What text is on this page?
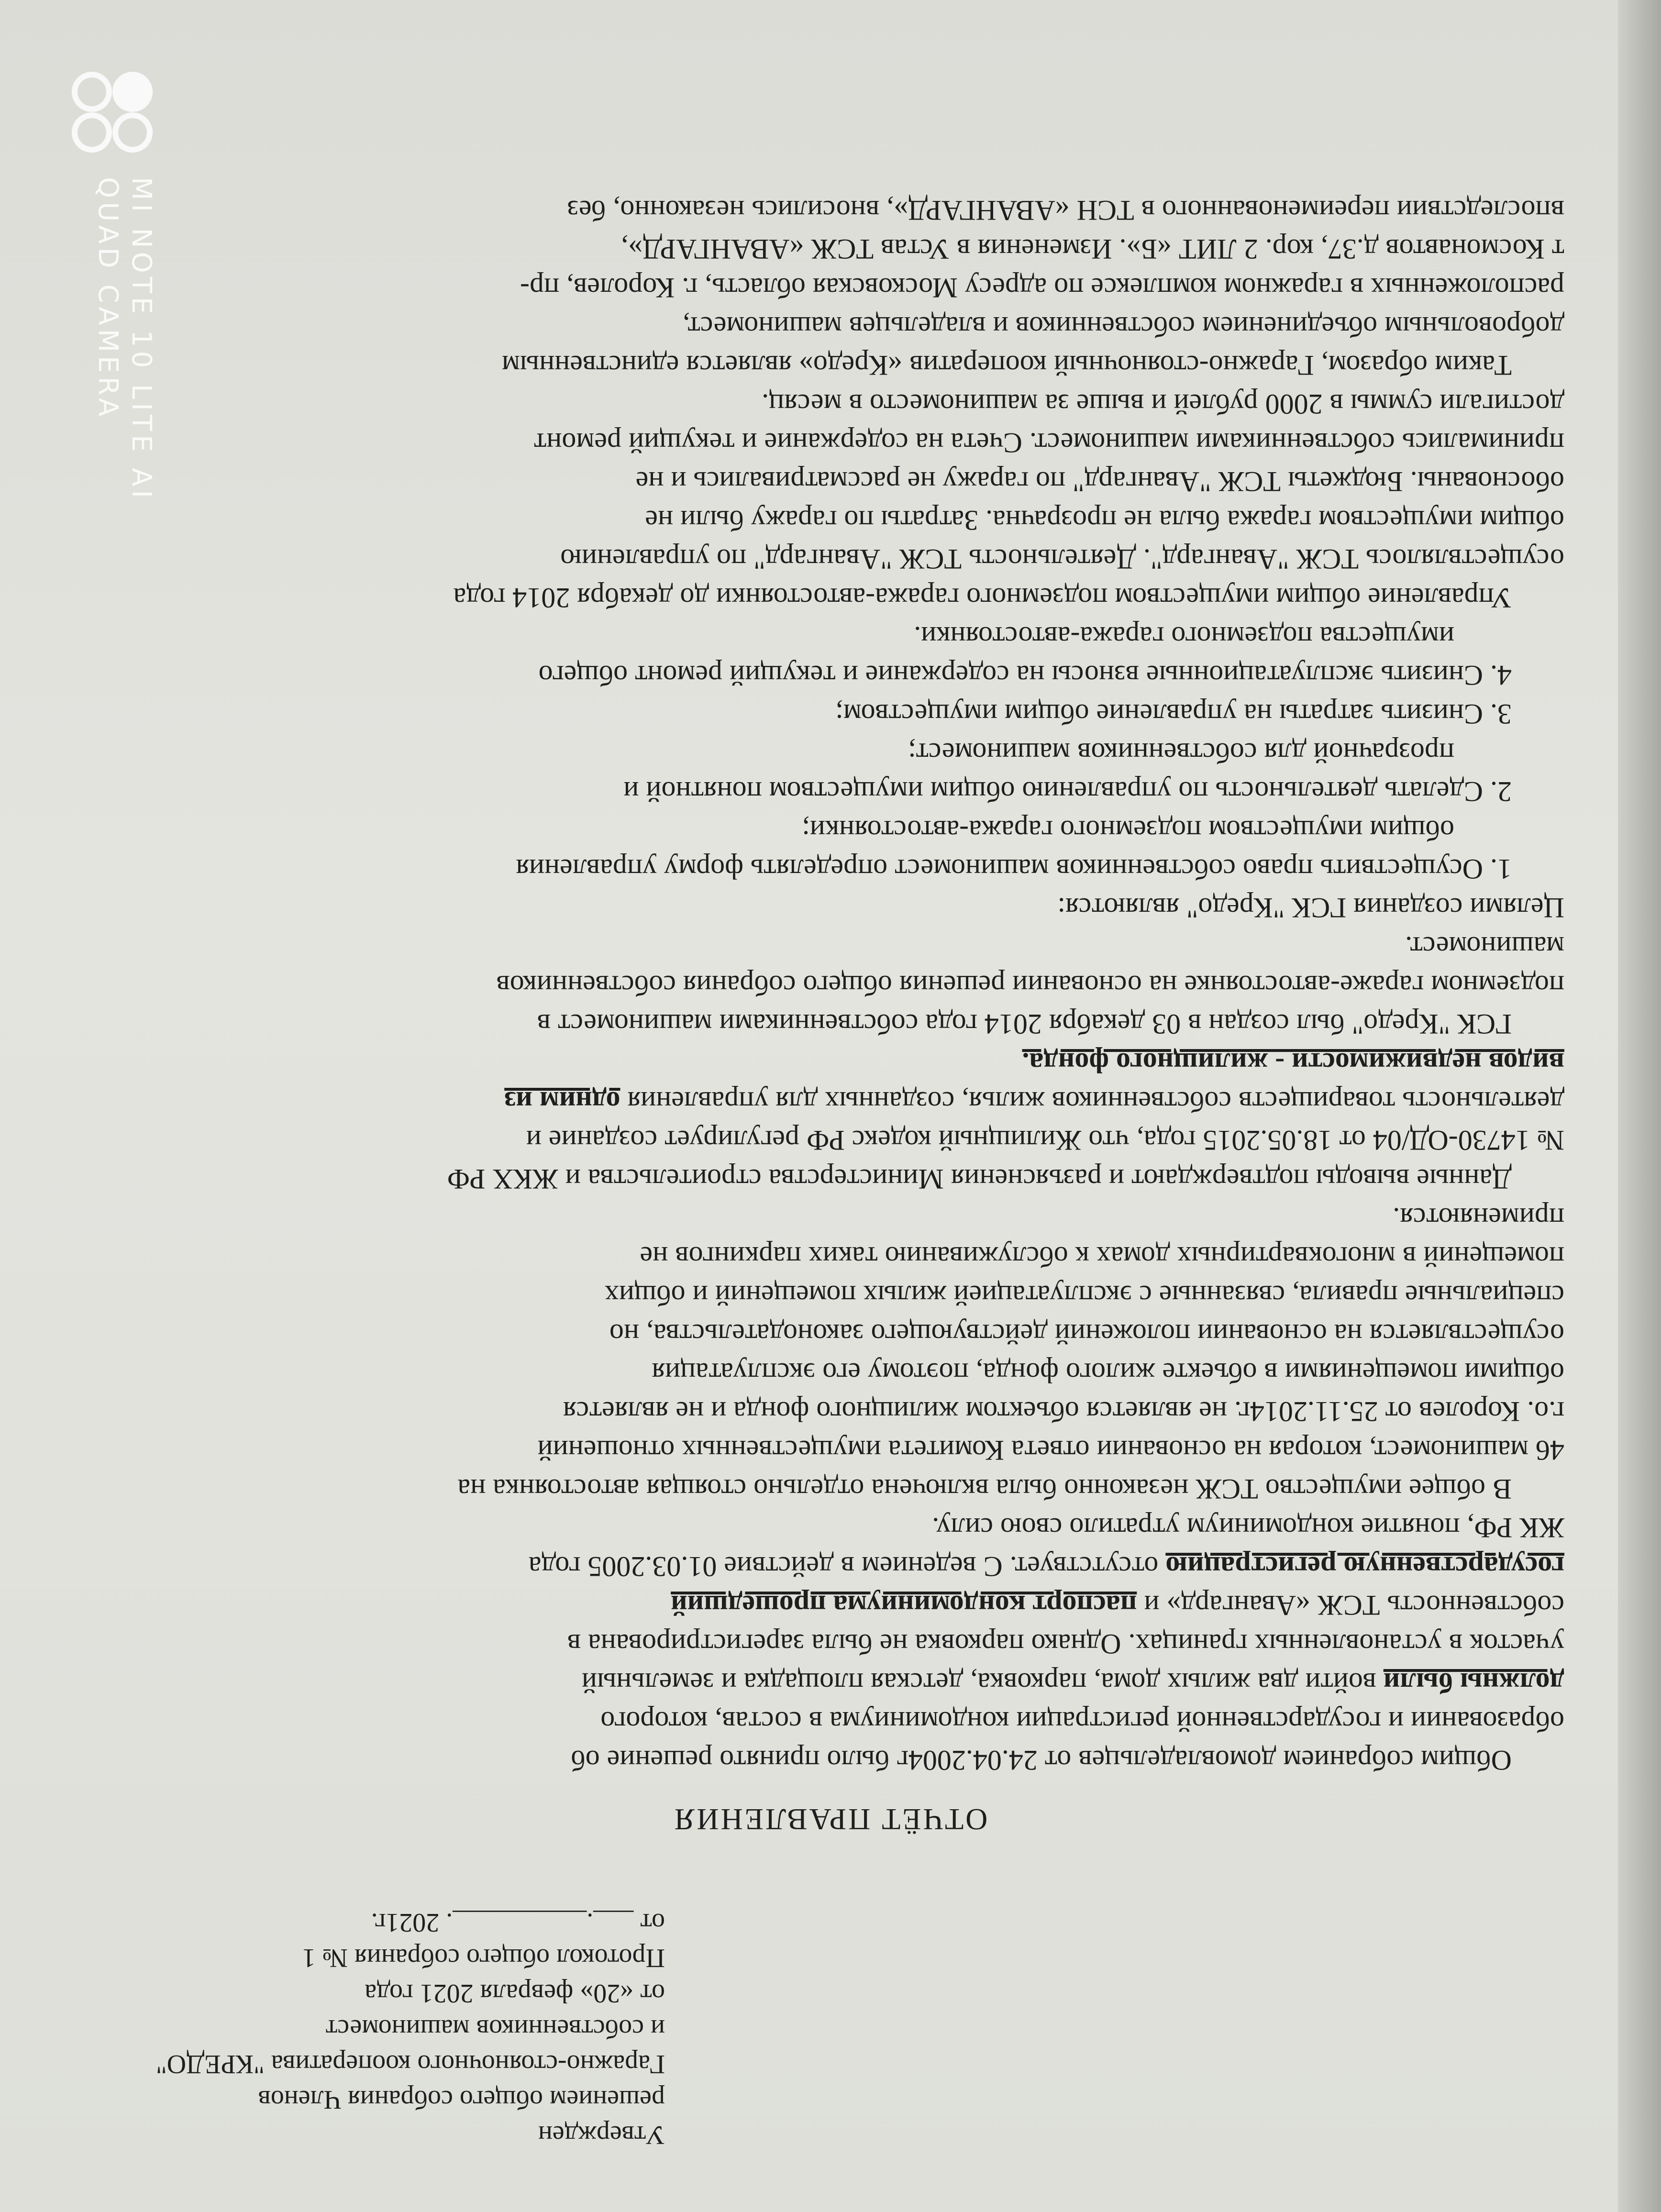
Утвержден
решением общего собрания Членов
Гаражно-стояночного кооператива "КРЕДО"
и собственников машиномест
от «20» февраля 2021 года
Протокол общего собрания № 1
от ___.__________. 2021г.
ОТЧЁТ ПРАВЛЕНИЯ
Общим собранием домовладельцев от 24.04.2004г было принято решение об
образовании и государственной регистрации кондоминиума в состав, которого
должны были войти два жилых дома, парковка, детская площадка и земельный
участок в установленных границах. Однако парковка не была зарегистрирована в
собственность ТСЖ «Авангард» и паспорт кондоминиума прошедший
государственную регистрацию отсутствует. С ведением в действие 01.03.2005 года
ЖК РФ, понятие кондоминиум утратило свою силу.
В общее имущество ТСЖ незаконно была включена отдельно стоящая автостоянка на
46 машиномест, которая на основании ответа Комитета имущественных отношений
г.о. Королев от 25.11.2014г. не является объектом жилищного фонда и не является
общими помещениями в объекте жилого фонда, поэтому его эксплуатация
осуществляется на основании положений действующего законодательства, но
специальные правила, связанные с эксплуатацией жилых помещений и общих
помещений в многоквартирных домах к обслуживанию таких паркингов не
применяются.
Данные выводы подтверждают и разъяснения Министерства строительства и ЖКХ РФ
№ 14730-ОД/04 от 18.05.2015 года, что Жилищный кодекс РФ регулирует создание и
деятельность товариществ собственников жилья, созданных для управления одним из
видов недвижимости - жилищного фонда.
ГСК "Кредо" был создан в 03 декабря 2014 года собственниками машиномест в
подземном гараже-автостоянке на основании решения общего собрания собственников
машиномест.
Целями создания ГСК "Кредо" являются:
1. Осуществить право собственников машиномест определять форму управления
общим имуществом подземного гаража-автостоянки;
2. Сделать деятельность по управлению общим имуществом понятной и
прозрачной для собственников машиномест;
3. Снизить затраты на управление общим имуществом;
4. Снизить эксплуатационные взносы на содержание и текущий ремонт общего
имущества подземного гаража-автостоянки.
Управление общим имуществом подземного гаража-автостоянки до декабря 2014 года
осуществлялось ТСЖ "Авангард". Деятельность ТСЖ "Авангард" по управлению
общим имуществом гаража была не прозрачна. Затраты по гаражу были не
обоснованы. Бюджеты ТСЖ "Авангард" по гаражу не рассматривались и не
принимались собственниками машиномест. Счета на содержание и текущий ремонт
достигали суммы в 2000 рублей и выше за машиноместо в месяц.
Таким образом, Гаражно-стояночный кооператив «Кредо» является единственным
добровольным объединением собственников и владельцев машиномест,
расположенных в гаражном комплексе по адресу Московская область, г. Королев, пр-
т Космонавтов д.37, кор. 2 ЛИТ «Б». Изменения в Устав ТСЖ «АВАНГАРД»,
впоследствии переименованного в ТСН «АВАНГАРД», вносились незаконно, без
MI NOTE 10 LITE AI QUAD CAMERA
